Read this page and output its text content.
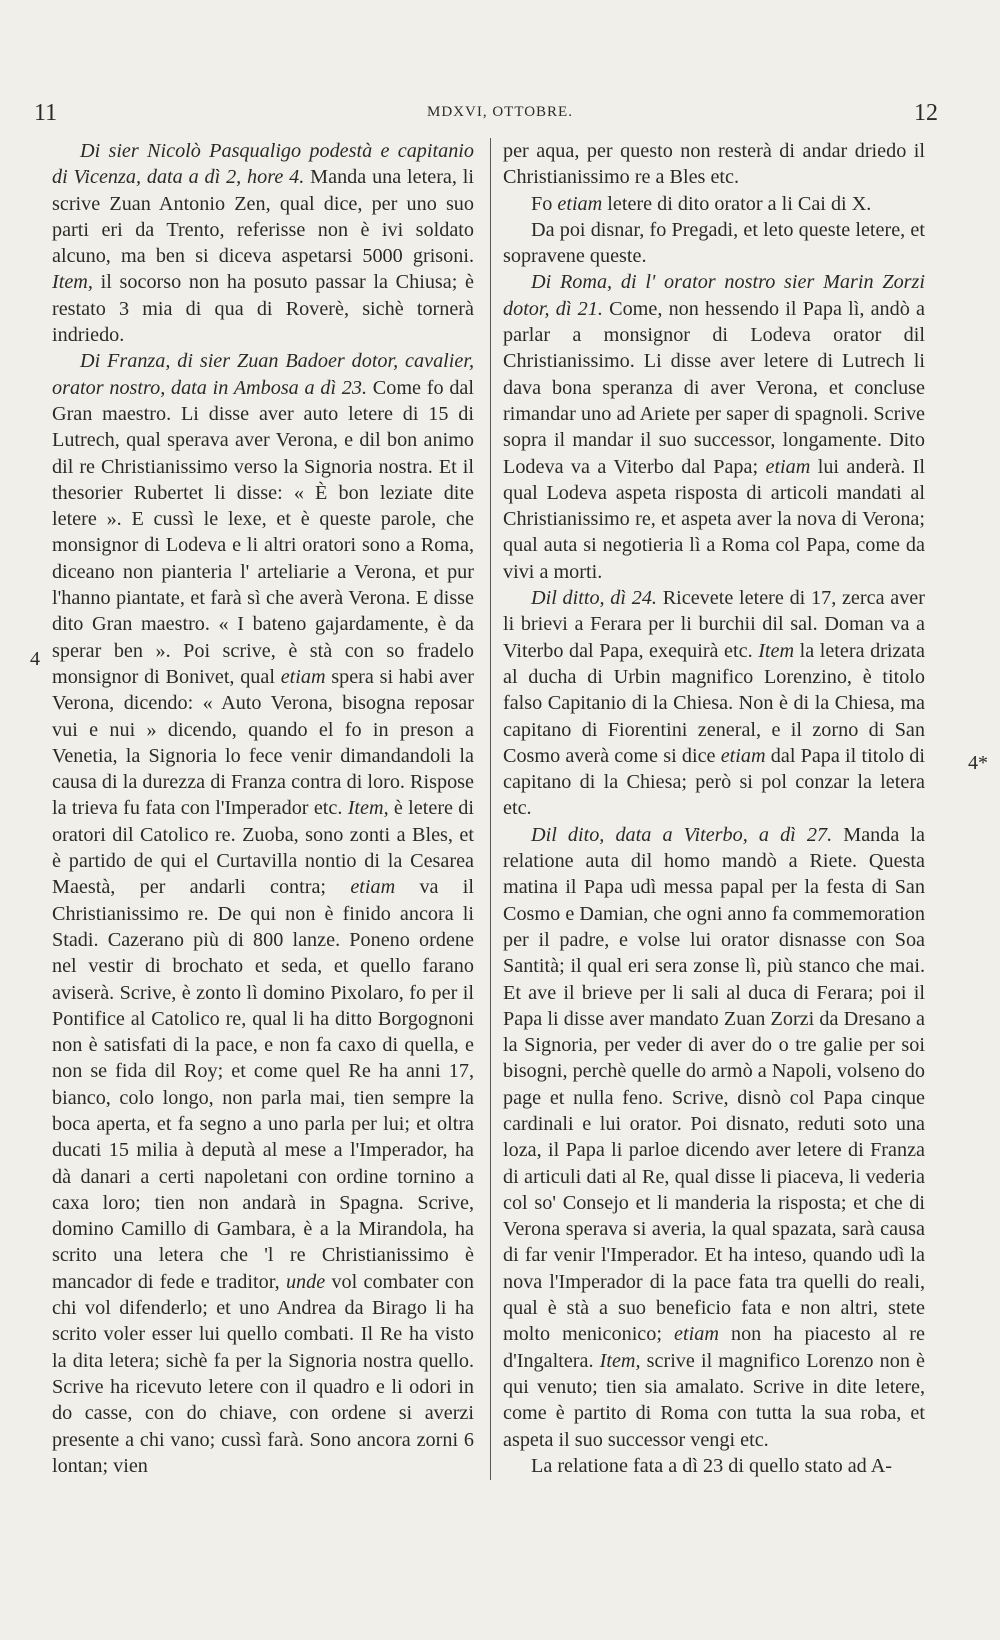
11	MDXVI, OTTOBRE.	12
4
4*

Di sier Nicolò Pasqualigo podestà e capitanio di Vicenza, data a dì 2, hore 4. Manda una letera, li scrive Zuan Antonio Zen, qual dice, per uno suo parti eri da Trento, referisse non è ivi soldato alcuno, ma ben si diceva aspetarsi 5000 grisoni. Item, il socorso non ha posuto passar la Chiusa; è restato 3 mia di qua di Roverè, sichè tornerà indriedo.

Di Franza, di sier Zuan Badoer dotor, cavalier, orator nostro, data in Ambosa a dì 23. Come fo dal Gran maestro. Li disse aver auto letere di 15 di Lutrech, qual sperava aver Verona, e dil bon animo dil re Christianissimo verso la Signoria nostra. Et il thesorier Rubertet li disse: « È bon leziate dite letere ». E cussì le lexe, et è queste parole, che monsignor di Lodeva e li altri oratori sono a Roma, diceano non pianteria l' arteliarie a Verona, et pur l'hanno piantate, et farà sì che averà Verona. E disse dito Gran maestro. « I bateno gajardamente, è da sperar ben ». Poi scrive, è stà con so fradelo monsignor di Bonivet, qual etiam spera si habi aver Verona, dicendo: « Auto Verona, bisogna reposar vui e nui » dicendo, quando el fo in preson a Venetia, la Signoria lo fece venir dimandandoli la causa di la durezza di Franza contra di loro. Rispose la trieva fu fata con l'Imperador etc. Item, è letere di oratori dil Catolico re. Zuoba, sono zonti a Bles, et è partido de qui el Curtavilla nontio di la Cesarea Maestà, per andarli contra; etiam va il Christianissimo re. De qui non è finido ancora li Stadi. Cazerano più di 800 lanze. Poneno ordene nel vestir di brochato et seda, et quello farano aviserà. Scrive, è zonto lì domino Pixolaro, fo per il Pontifice al Catolico re, qual li ha ditto Borgognoni non è satisfati di la pace, e non fa caxo di quella, e non se fida dil Roy; et come quel Re ha anni 17, bianco, colo longo, non parla mai, tien sempre la boca aperta, et fa segno a uno parla per lui; et oltra ducati 15 milia à deputà al mese a l'Imperador, ha dà danari a certi napoletani con ordine tornino a caxa loro; tien non andarà in Spagna. Scrive, domino Camillo di Gambara, è a la Mirandola, ha scrito una letera che 'l re Christianissimo è mancador di fede e traditor, unde vol combater con chi vol difenderlo; et uno Andrea da Birago li ha scrito voler esser lui quello combati. Il Re ha visto la dita letera; sichè fa per la Signoria nostra quello. Scrive ha ricevuto letere con il quadro e li odori in do casse, con do chiave, con ordene si averzi presente a chi vano; cussì farà. Sono ancora zorni 6 lontan; vien

per aqua, per questo non resterà di andar driedo il Christianissimo re a Bles etc.

Fo etiam letere di dito orator a li Cai di X.

Da poi disnar, fo Pregadi, et leto queste letere, et sopravene queste.

Di Roma, di l' orator nostro sier Marin Zorzi dotor, dì 21. Come, non hessendo il Papa lì, andò a parlar a monsignor di Lodeva orator dil Christianissimo. Li disse aver letere di Lutrech li dava bona speranza di aver Verona, et concluse rimandar uno ad Ariete per saper di spagnoli. Scrive sopra il mandar il suo successor, longamente. Dito Lodeva va a Viterbo dal Papa; etiam lui anderà. Il qual Lodeva aspeta risposta di articoli mandati al Christianissimo re, et aspeta aver la nova di Verona; qual auta si negotieria lì a Roma col Papa, come da vivi a morti.

Dil ditto, dì 24. Ricevete letere di 17, zerca aver li brievi a Ferara per li burchii dil sal. Doman va a Viterbo dal Papa, exequirà etc. Item la letera drizata al ducha di Urbin magnifico Lorenzino, è titolo falso Capitanio di la Chiesa. Non è di la Chiesa, ma capitano di Fiorentini zeneral, e il zorno di San Cosmo averà come si dice etiam dal Papa il titolo di capitano di la Chiesa; però si pol conzar la letera etc.

Dil dito, data a Viterbo, a dì 27. Manda la relatione auta dil homo mandò a Riete. Questa matina il Papa udì messa papal per la festa di San Cosmo e Damian, che ogni anno fa commemoration per il padre, e volse lui orator disnasse con Soa Santità; il qual eri sera zonse lì, più stanco che mai. Et ave il brieve per li sali al duca di Ferara; poi il Papa li disse aver mandato Zuan Zorzi da Dresano a la Signoria, per veder di aver do o tre galie per soi bisogni, perchè quelle do armò a Napoli, volseno do page et nulla feno. Scrive, disnò col Papa cinque cardinali e lui orator. Poi disnato, reduti soto una loza, il Papa li parloe dicendo aver letere di Franza di articuli dati al Re, qual disse li piaceva, li vederia col so' Consejo et li manderia la risposta; et che di Verona sperava si averia, la qual spazata, sarà causa di far venir l'Imperador. Et ha inteso, quando udì la nova l'Imperador di la pace fata tra quelli do reali, qual è stà a suo beneficio fata e non altri, stete molto meniconico; etiam non ha piacesto al re d'Ingaltera. Item, scrive il magnifico Lorenzo non è qui venuto; tien sia amalato. Scrive in dite letere, come è partito di Roma con tutta la sua roba, et aspeta il suo successor vengi etc.

La relatione fata a dì 23 di quello stato ad A-
